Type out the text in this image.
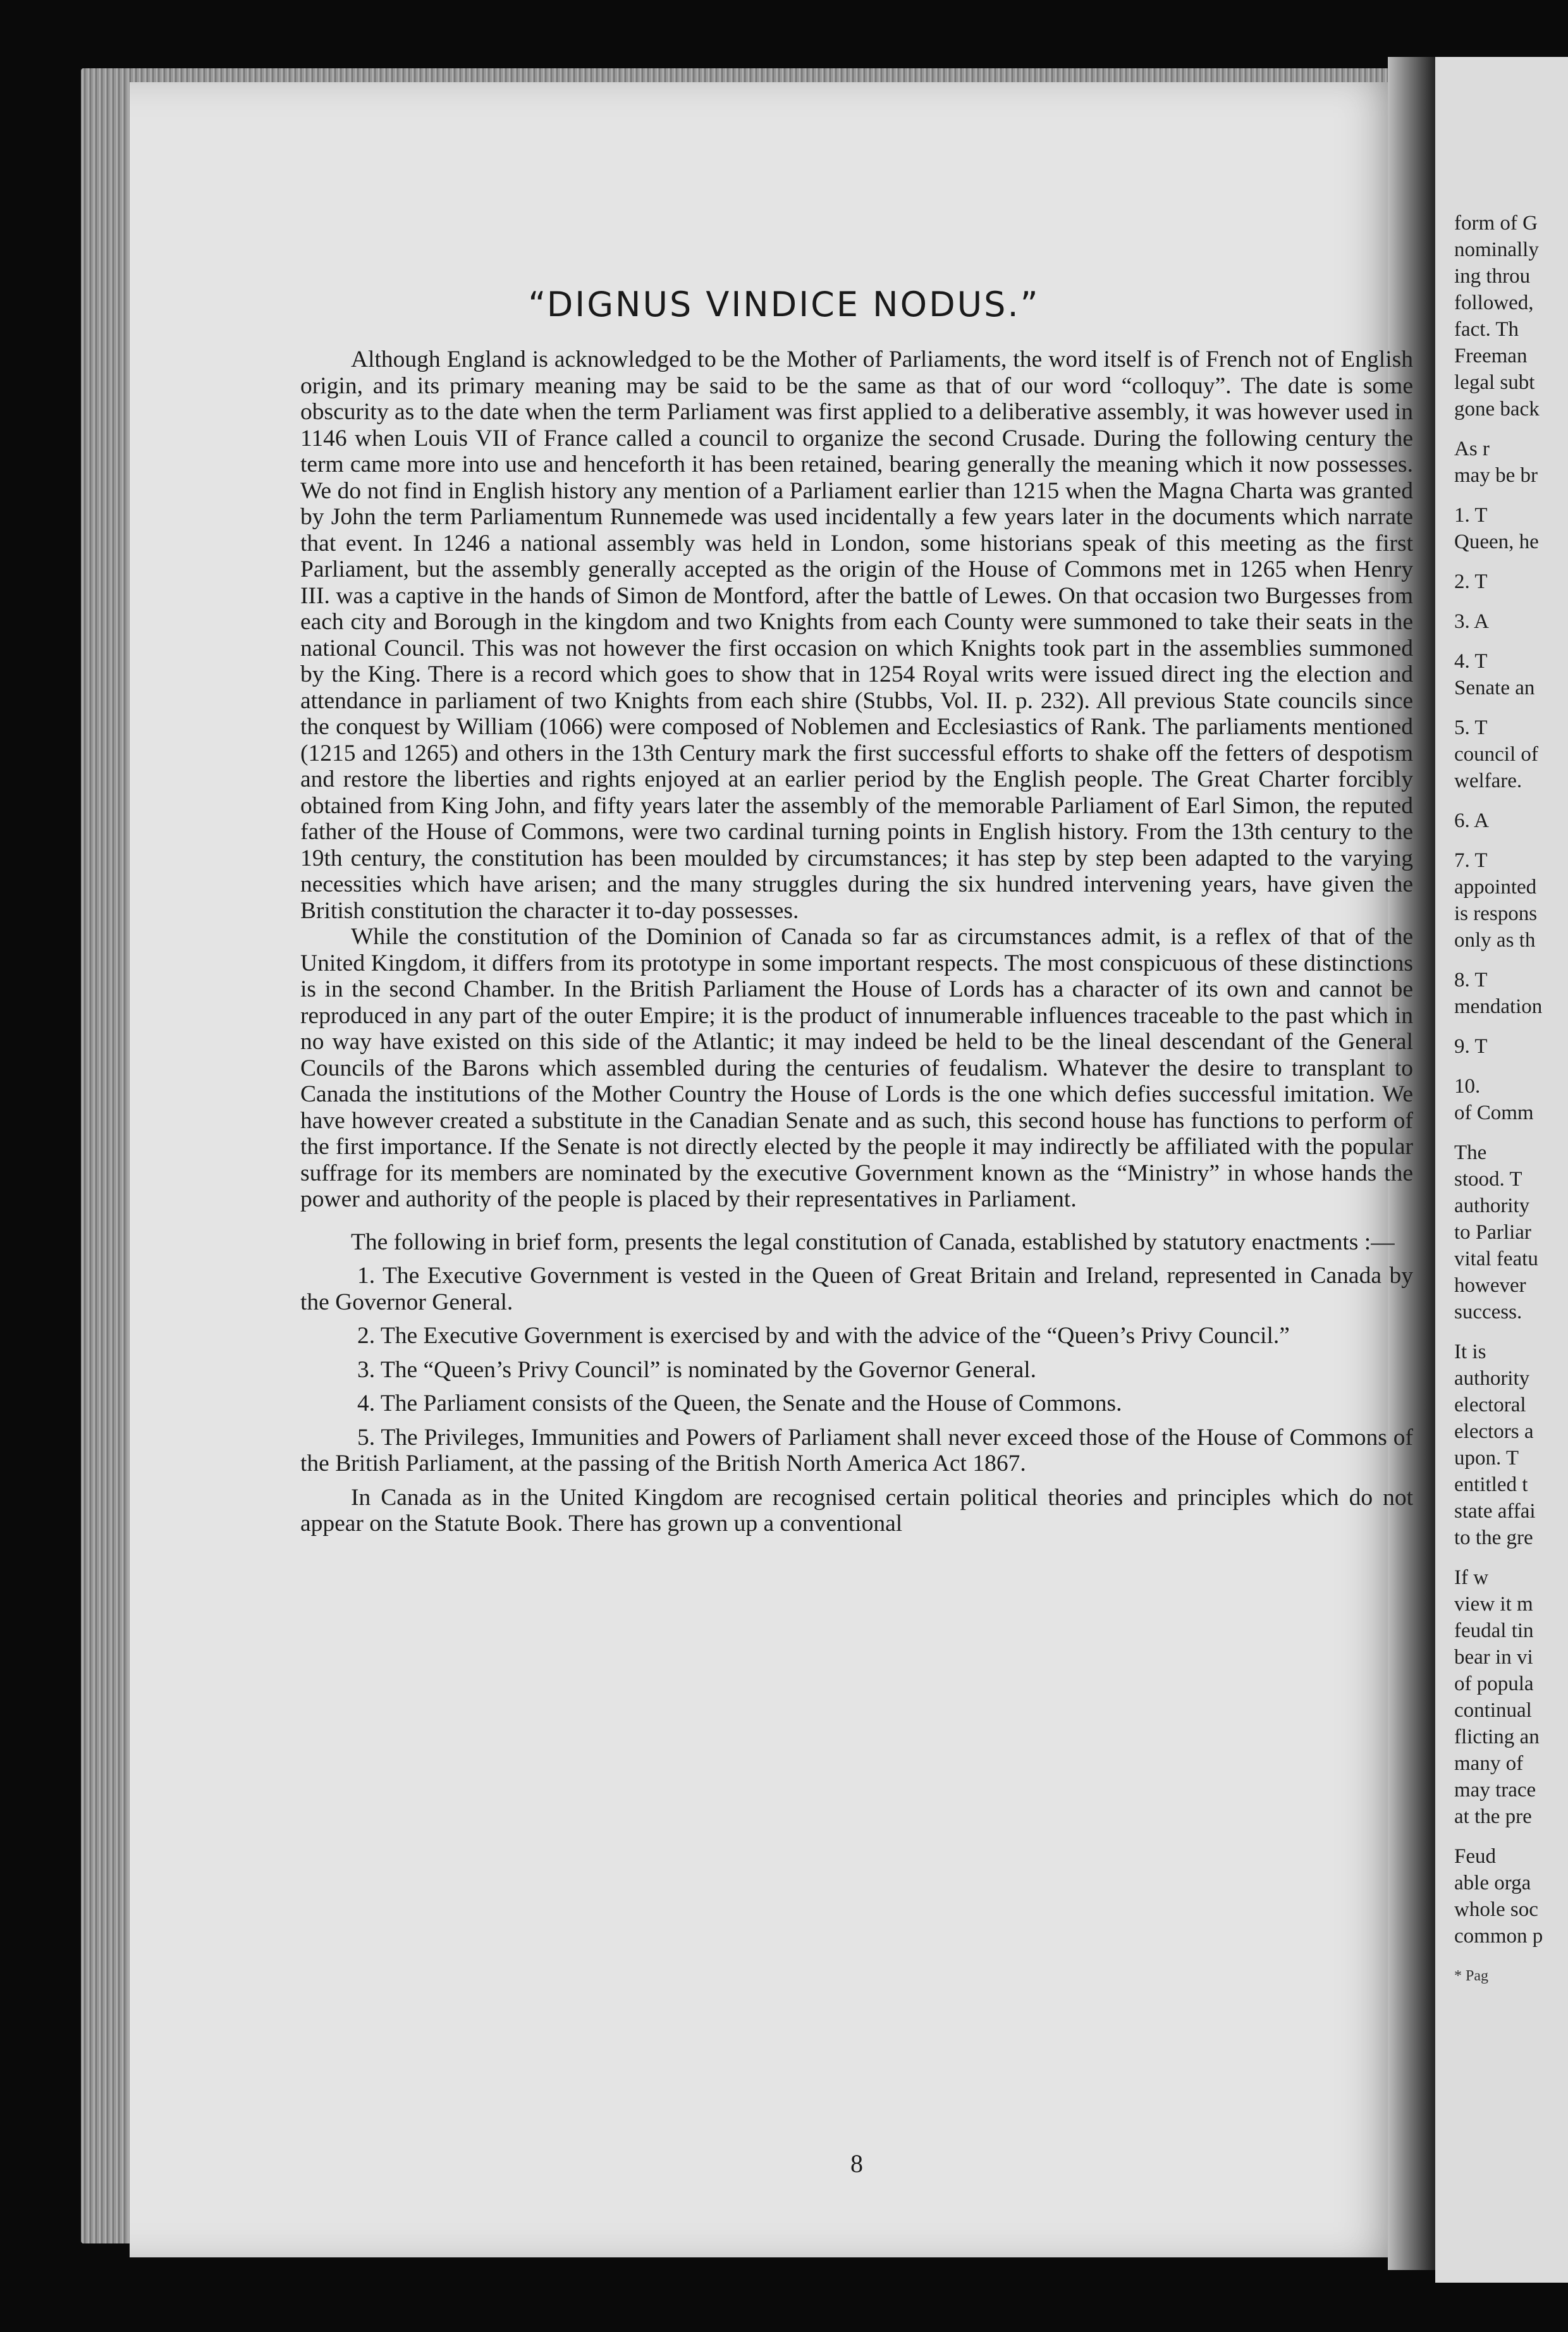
form of G
nominally
ing throu
followed,
fact. Th
Freeman
legal subt
gone back
As r
may be br
1. T
Queen, he
2. T
3. A
4. T
Senate an
5. T
council of
welfare.
6. A
7. T
appointed
is respons
only as th
8. T
mendation
9. T
10.
of Comm
The
stood. T
authority
to Parliar
vital featu
however
success.
It is
authority
electoral
electors a
upon. T
entitled t
state affai
to the gre
If w
view it m
feudal tin
bear in vi
of popula
continual
flicting an
many of
may trace
at the pre
Feud
able orga
whole soc
common p
* Pag
“DIGNUS VINDICE NODUS.”

Although England is acknowledged to be the Mother of Parliaments, the word itself is of French not of English origin, and its primary meaning may be said to be the same as that of our word “colloquy”. The date is some obscurity as to the date when the term Parliament was first applied to a deliberative assembly, it was however used in 1146 when Louis VII of France called a council to organize the second Crusade. During the following century the term came more into use and henceforth it has been retained, bearing generally the meaning which it now possesses. We do not find in English history any mention of a Parliament earlier than 1215 when the Magna Charta was granted by John the term Parliamentum Runnemede was used incidentally a few years later in the documents which narrate that event. In 1246 a national assembly was held in London, some historians speak of this meeting as the first Parliament, but the assembly generally accepted as the origin of the House of Commons met in 1265 when Henry III. was a captive in the hands of Simon de Montford, after the battle of Lewes. On that occasion two Burgesses from each city and Borough in the kingdom and two Knights from each County were summoned to take their seats in the national Council. This was not however the first occasion on which Knights took part in the assemblies summoned by the King. There is a record which goes to show that in 1254 Royal writs were issued direct ing the election and attendance in parliament of two Knights from each shire (Stubbs, Vol. II. p. 232). All previous State councils since the conquest by William (1066) were composed of Noblemen and Ecclesiastics of Rank. The parliaments mentioned (1215 and 1265) and others in the 13th Century mark the first successful efforts to shake off the fetters of despotism and restore the liberties and rights enjoyed at an earlier period by the English people. The Great Charter forcibly obtained from King John, and fifty years later the assembly of the memorable Parliament of Earl Simon, the reputed father of the House of Commons, were two cardinal turning points in English history. From the 13th century to the 19th century, the constitution has been moulded by circumstances; it has step by step been adapted to the varying necessities which have arisen; and the many struggles during the six hundred intervening years, have given the British constitution the character it to-day possesses.

While the constitution of the Dominion of Canada so far as circumstances admit, is a reflex of that of the United Kingdom, it differs from its prototype in some important respects. The most conspicuous of these distinctions is in the second Chamber. In the British Parliament the House of Lords has a character of its own and cannot be reproduced in any part of the outer Empire; it is the product of innumerable influences traceable to the past which in no way have existed on this side of the Atlantic; it may indeed be held to be the lineal descendant of the General Councils of the Barons which assembled during the centuries of feudalism. Whatever the desire to transplant to Canada the institutions of the Mother Country the House of Lords is the one which defies successful imitation. We have however created a substitute in the Canadian Senate and as such, this second house has functions to perform of the first importance. If the Senate is not directly elected by the people it may indirectly be affiliated with the popular suffrage for its members are nominated by the executive Government known as the “Ministry” in whose hands the power and authority of the people is placed by their representatives in Parliament.

The following in brief form, presents the legal constitution of Canada, established by statutory enactments :—

1. The Executive Government is vested in the Queen of Great Britain and Ireland, represented in Canada by the Governor General.

2. The Executive Government is exercised by and with the advice of the “Queen’s Privy Council.”

3. The “Queen’s Privy Council” is nominated by the Governor General.

4. The Parliament consists of the Queen, the Senate and the House of Commons.

5. The Privileges, Immunities and Powers of Parliament shall never exceed those of the House of Commons of the British Parliament, at the passing of the British North America Act 1867.

In Canada as in the United Kingdom are recognised certain political theories and principles which do not appear on the Statute Book. There has grown up a conventional

8
